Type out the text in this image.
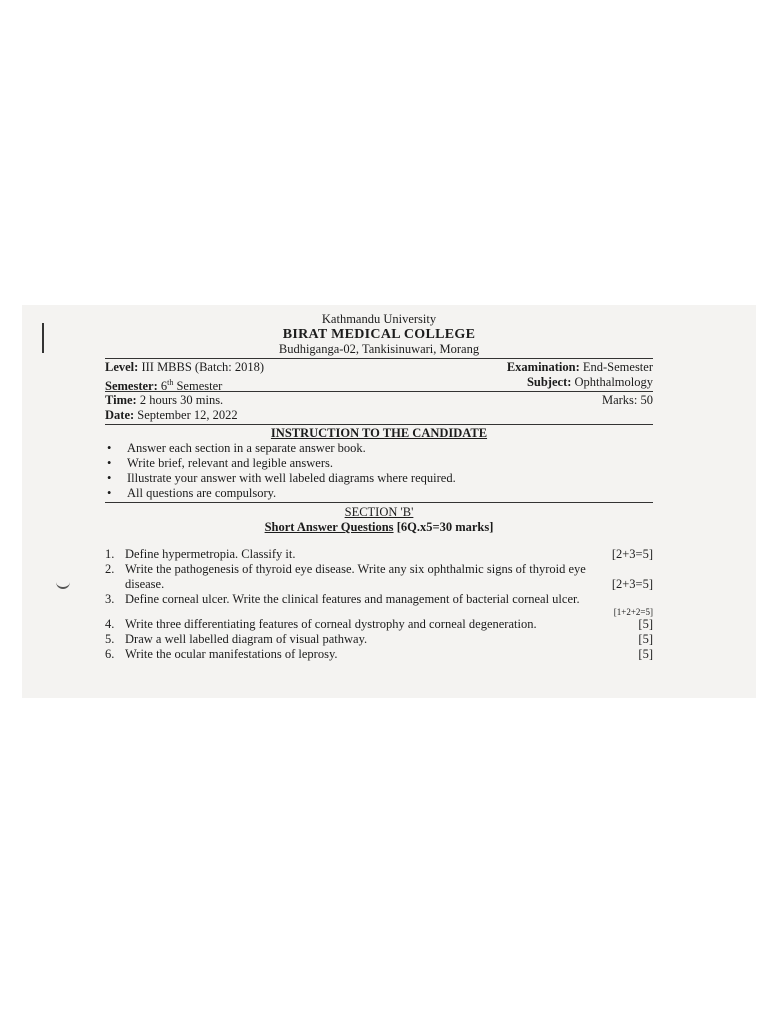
Kathmandu University
BIRAT MEDICAL COLLEGE
Budhiganga-02, Tankisinuwari, Morang
Level: III MBBS (Batch: 2018)	Examination: End-Semester
Semester: 6th Semester	Subject: Ophthalmology
Time: 2 hours 30 mins.	Marks: 50
Date: September 12, 2022
INSTRUCTION TO THE CANDIDATE
•	Answer each section in a separate answer book.
•	Write brief, relevant and legible answers.
•	Illustrate your answer with well labeled diagrams where required.
•	All questions are compulsory.
SECTION 'B'
Short Answer Questions [6Q.x5=30 marks]
1. Define hypermetropia. Classify it.	[2+3=5]
2. Write the pathogenesis of thyroid eye disease. Write any six ophthalmic signs of thyroid eye
disease.	[2+3=5]
3. Define corneal ulcer. Write the clinical features and management of bacterial corneal ulcer.
[1+2+2=5]
4. Write three differentiating features of corneal dystrophy and corneal degeneration.	[5]
5. Draw a well labelled diagram of visual pathway.	[5]
6. Write the ocular manifestations of leprosy.	[5]
